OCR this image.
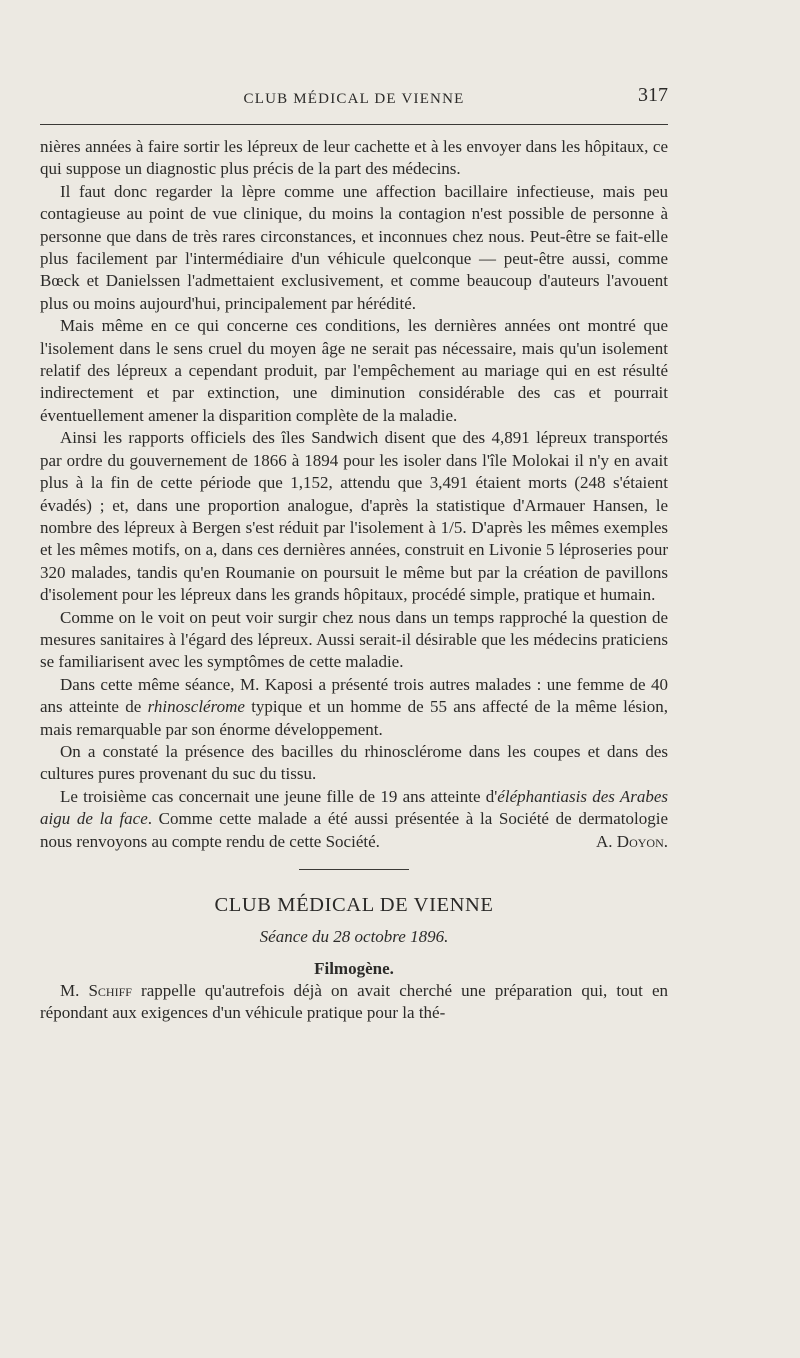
CLUB MÉDICAL DE VIENNE	317

nières années à faire sortir les lépreux de leur cachette et à les envoyer dans les hôpitaux, ce qui suppose un diagnostic plus précis de la part des médecins.

Il faut donc regarder la lèpre comme une affection bacillaire infectieuse, mais peu contagieuse au point de vue clinique, du moins la contagion n'est possible de personne à personne que dans de très rares circonstances, et inconnues chez nous. Peut-être se fait-elle plus facilement par l'intermédiaire d'un véhicule quelconque — peut-être aussi, comme Bœck et Danielssen l'admettaient exclusivement, et comme beaucoup d'auteurs l'avouent plus ou moins aujourd'hui, principalement par hérédité.

Mais même en ce qui concerne ces conditions, les dernières années ont montré que l'isolement dans le sens cruel du moyen âge ne serait pas nécessaire, mais qu'un isolement relatif des lépreux a cependant produit, par l'empêchement au mariage qui en est résulté indirectement et par extinction, une diminution considérable des cas et pourrait éventuellement amener la disparition complète de la maladie.

Ainsi les rapports officiels des îles Sandwich disent que des 4,891 lépreux transportés par ordre du gouvernement de 1866 à 1894 pour les isoler dans l'île Molokai il n'y en avait plus à la fin de cette période que 1,152, attendu que 3,491 étaient morts (248 s'étaient évadés) ; et, dans une proportion analogue, d'après la statistique d'Armauer Hansen, le nombre des lépreux à Bergen s'est réduit par l'isolement à 1/5. D'après les mêmes exemples et les mêmes motifs, on a, dans ces dernières années, construit en Livonie 5 léproseries pour 320 malades, tandis qu'en Roumanie on poursuit le même but par la création de pavillons d'isolement pour les lépreux dans les grands hôpitaux, procédé simple, pratique et humain.

Comme on le voit on peut voir surgir chez nous dans un temps rapproché la question de mesures sanitaires à l'égard des lépreux. Aussi serait-il désirable que les médecins praticiens se familiarisent avec les symptômes de cette maladie.

Dans cette même séance, M. Kaposi a présenté trois autres malades : une femme de 40 ans atteinte de rhinosclérome typique et un homme de 55 ans affecté de la même lésion, mais remarquable par son énorme développement.

On a constaté la présence des bacilles du rhinosclérome dans les coupes et dans des cultures pures provenant du suc du tissu.

Le troisième cas concernait une jeune fille de 19 ans atteinte d'éléphantiasis des Arabes aigu de la face. Comme cette malade a été aussi présentée à la Société de dermatologie nous renvoyons au compte rendu de cette Société.	A. Doyon.

CLUB MÉDICAL DE VIENNE
Séance du 28 octobre 1896.
Filmogène.

M. Schiff rappelle qu'autrefois déjà on avait cherché une préparation qui, tout en répondant aux exigences d'un véhicule pratique pour la thé-
